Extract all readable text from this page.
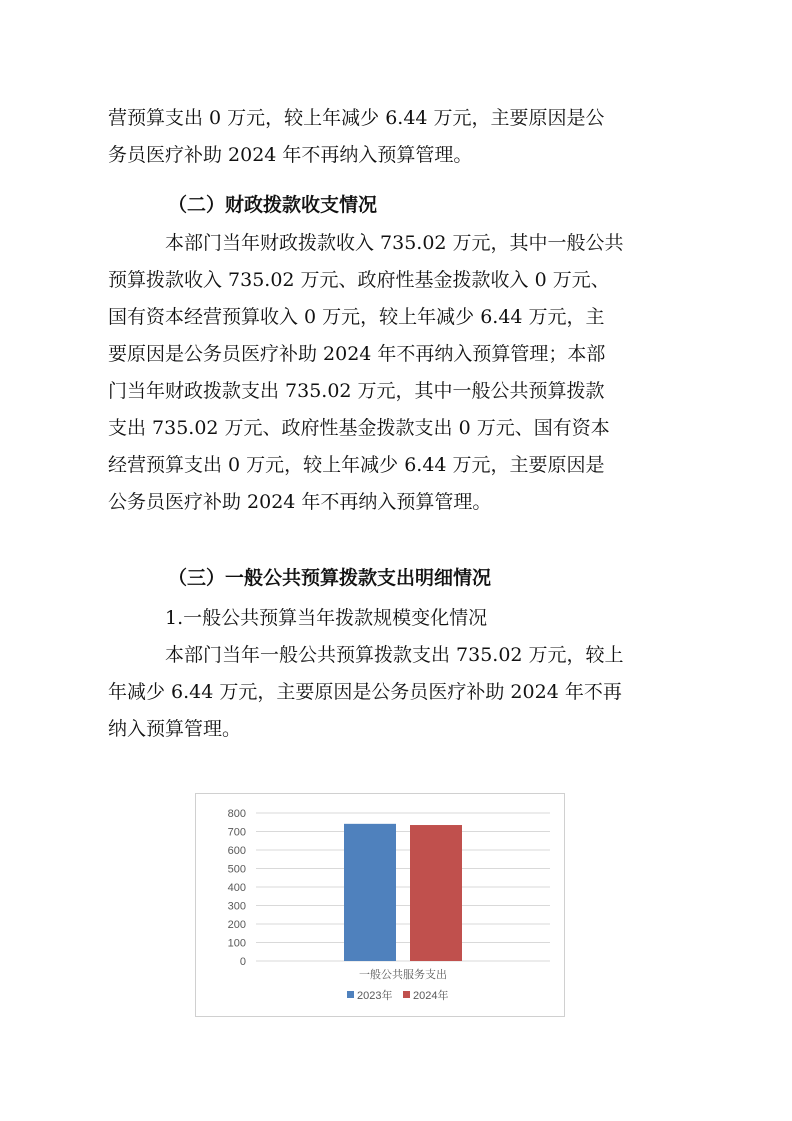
营预算支出 0 万元，较上年减少 6.44 万元，主要原因是公
务员医疗补助 2024 年不再纳入预算管理。
（二）财政拨款收支情况
本部门当年财政拨款收入 735.02 万元，其中一般公共
预算拨款收入 735.02 万元、政府性基金拨款收入 0 万元、
国有资本经营预算收入 0 万元，较上年减少 6.44 万元，主
要原因是公务员医疗补助 2024 年不再纳入预算管理；本部
门当年财政拨款支出 735.02 万元，其中一般公共预算拨款
支出 735.02 万元、政府性基金拨款支出 0 万元、国有资本
经营预算支出 0 万元，较上年减少 6.44 万元，主要原因是
公务员医疗补助 2024 年不再纳入预算管理。
（三）一般公共预算拨款支出明细情况
1.一般公共预算当年拨款规模变化情况
本部门当年一般公共预算拨款支出 735.02 万元，较上
年减少 6.44 万元，主要原因是公务员医疗补助 2024 年不再
纳入预算管理。
0
100
200
300
400
500
600
700
800
一般公共服务支出
2023年 2024年
